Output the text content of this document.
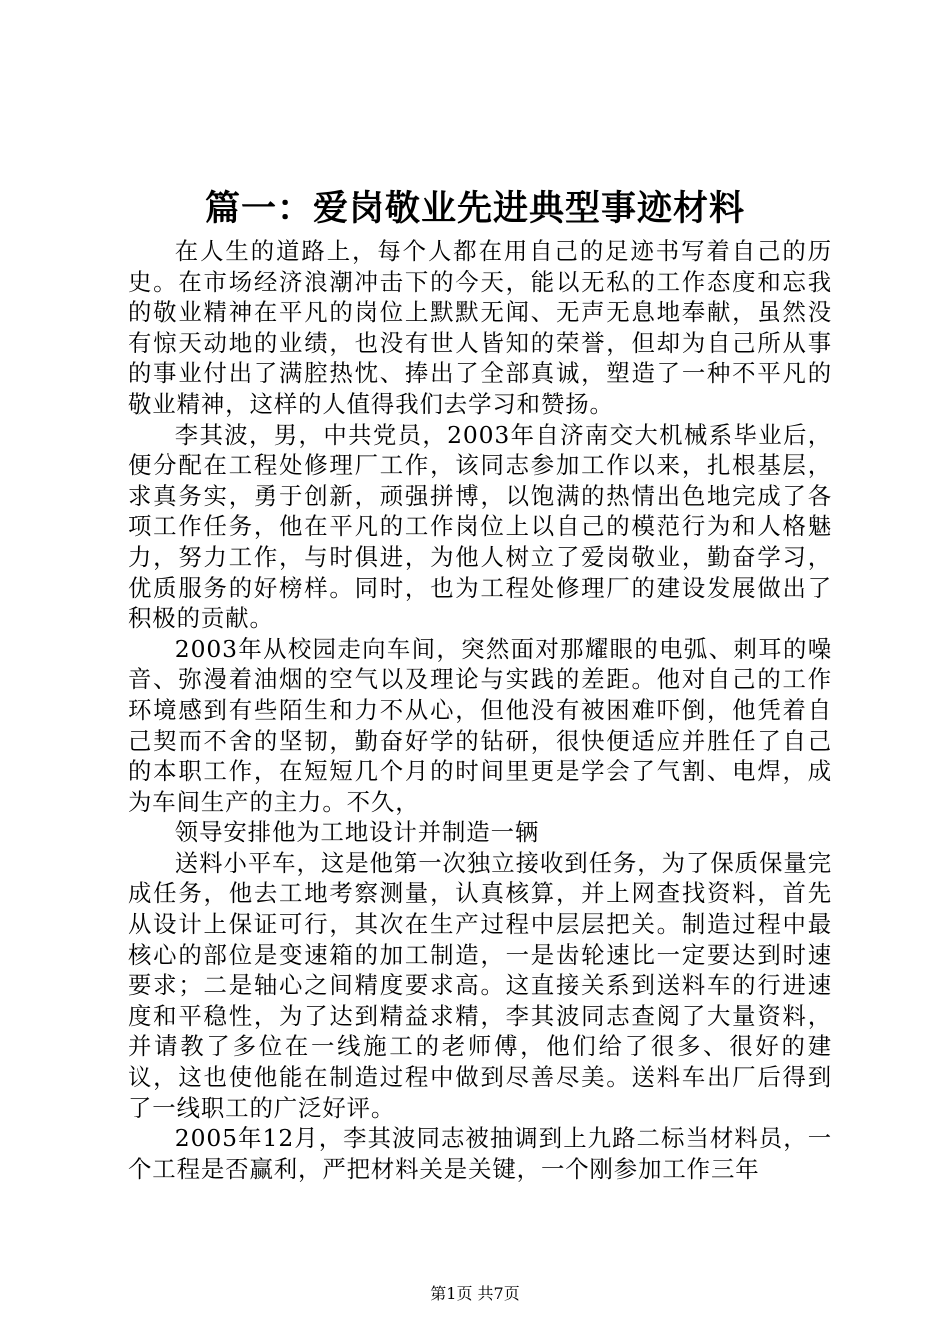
篇一：爱岗敬业先进典型事迹材料

在人生的道路上，每个人都在用自己的足迹书写着自己的历史。在市场经济浪潮冲击下的今天，能以无私的工作态度和忘我的敬业精神在平凡的岗位上默默无闻、无声无息地奉献，虽然没有惊天动地的业绩，也没有世人皆知的荣誉，但却为自己所从事的事业付出了满腔热忱、捧出了全部真诚，塑造了一种不平凡的敬业精神，这样的人值得我们去学习和赞扬。

李其波，男，中共党员，2003年自济南交大机械系毕业后，便分配在工程处修理厂工作，该同志参加工作以来，扎根基层，求真务实，勇于创新，顽强拼博，以饱满的热情出色地完成了各项工作任务，他在平凡的工作岗位上以自己的模范行为和人格魅力，努力工作，与时俱进，为他人树立了爱岗敬业，勤奋学习，优质服务的好榜样。同时，也为工程处修理厂的建设发展做出了积极的贡献。

2003年从校园走向车间，突然面对那耀眼的电弧、刺耳的噪音、弥漫着油烟的空气以及理论与实践的差距。他对自己的工作环境感到有些陌生和力不从心，但他没有被困难吓倒，他凭着自己契而不舍的坚韧，勤奋好学的钻研，很快便适应并胜任了自己的本职工作，在短短几个月的时间里更是学会了气割、电焊，成为车间生产的主力。不久，

领导安排他为工地设计并制造一辆

送料小平车，这是他第一次独立接收到任务，为了保质保量完成任务，他去工地考察测量，认真核算，并上网查找资料，首先从设计上保证可行，其次在生产过程中层层把关。制造过程中最核心的部位是变速箱的加工制造，一是齿轮速比一定要达到时速要求；二是轴心之间精度要求高。这直接关系到送料车的行进速度和平稳性，为了达到精益求精，李其波同志查阅了大量资料，并请教了多位在一线施工的老师傅，他们给了很多、很好的建议，这也使他能在制造过程中做到尽善尽美。送料车出厂后得到了一线职工的广泛好评。

2005年12月，李其波同志被抽调到上九路二标当材料员，一个工程是否赢利，严把材料关是关键，一个刚参加工作三年

第1页 共7页
